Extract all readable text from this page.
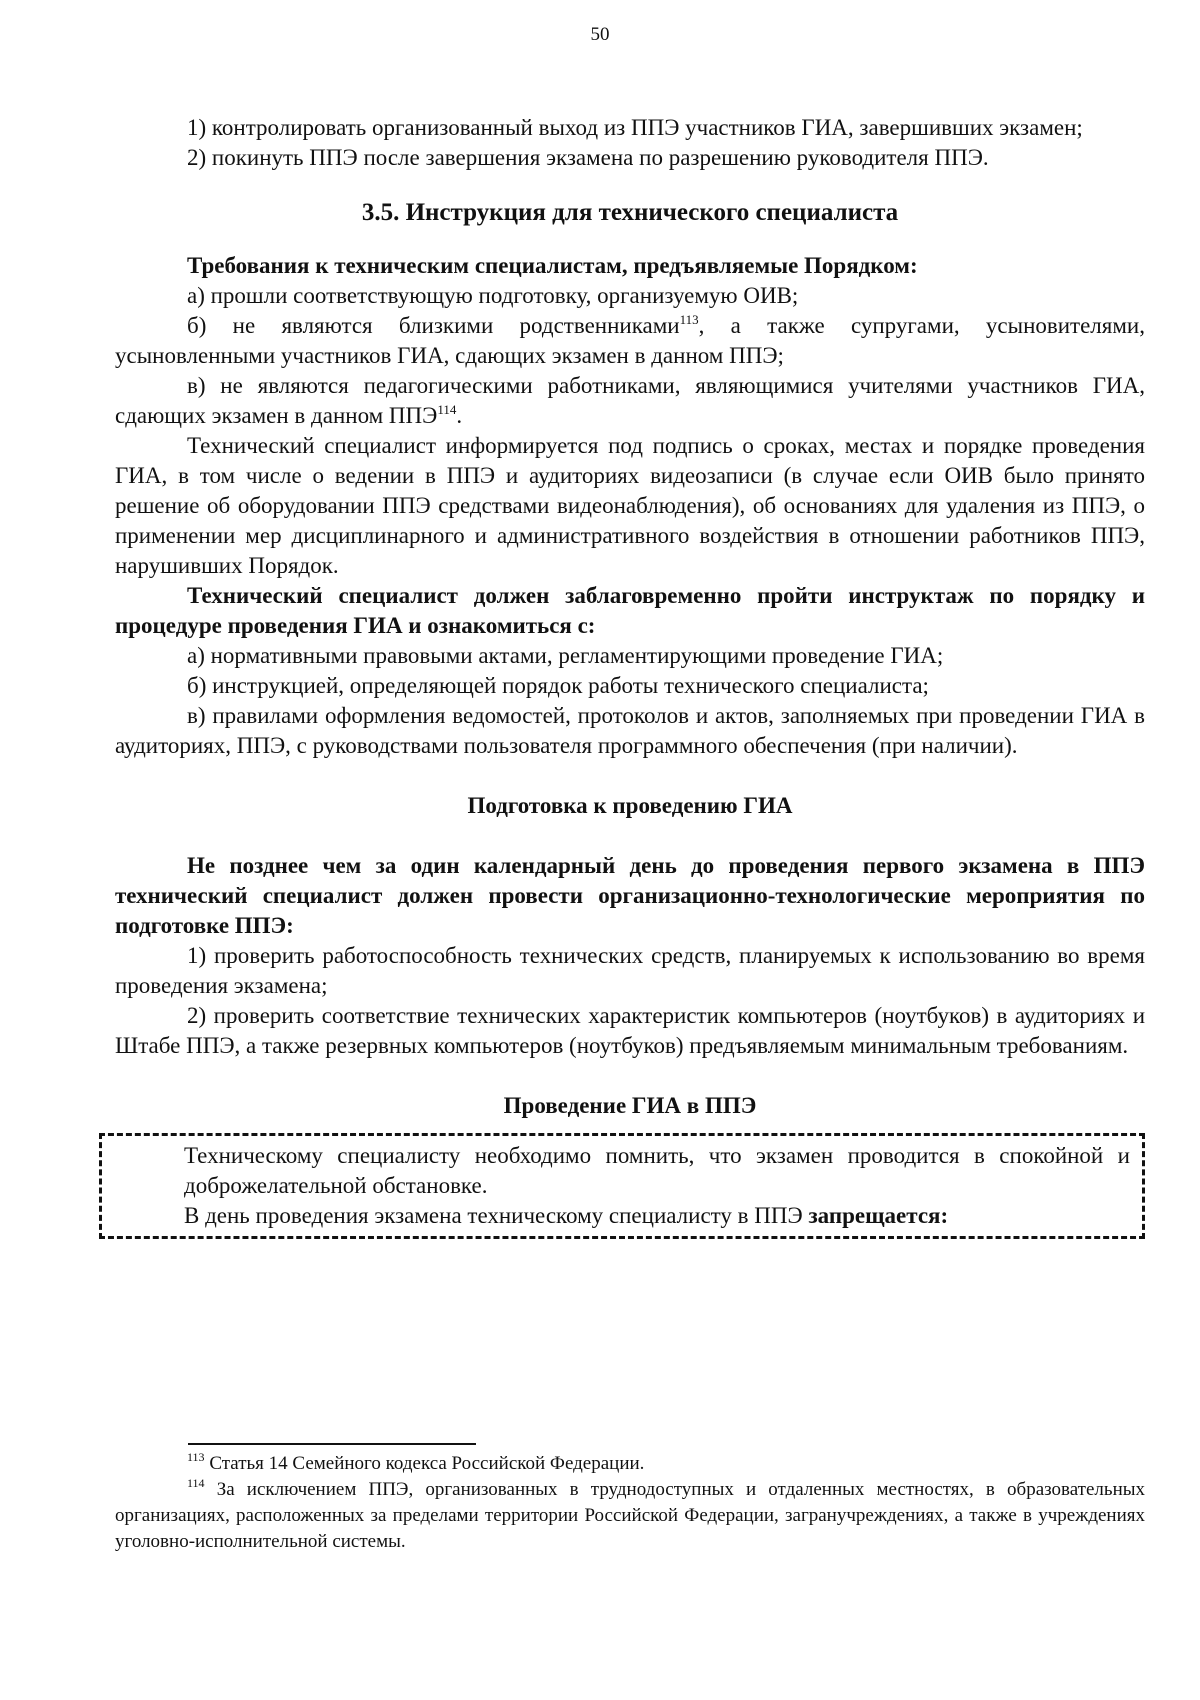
50

1) контролировать организованный выход из ППЭ участников ГИА, завершивших экзамен;

2) покинуть ППЭ после завершения экзамена по разрешению руководителя ППЭ.

3.5. Инструкция для технического специалиста

Требования к техническим специалистам, предъявляемые Порядком:

а) прошли соответствующую подготовку, организуемую ОИВ;

б) не являются близкими родственниками$^{113}$, а также супругами, усыновителями, усыновленными участников ГИА, сдающих экзамен в данном ППЭ;

в) не являются педагогическими работниками, являющимися учителями участников ГИА, сдающих экзамен в данном ППЭ$^{114}$.

Технический специалист информируется под подпись о сроках, местах и порядке проведения ГИА, в том числе о ведении в ППЭ и аудиториях видеозаписи (в случае если ОИВ было принято решение об оборудовании ППЭ средствами видеонаблюдения), об основаниях для удаления из ППЭ, о применении мер дисциплинарного и административного воздействия в отношении работников ППЭ, нарушивших Порядок.

Технический специалист должен заблаговременно пройти инструктаж по порядку и процедуре проведения ГИА и ознакомиться с:

а) нормативными правовыми актами, регламентирующими проведение ГИА;

б) инструкцией, определяющей порядок работы технического специалиста;

в) правилами оформления ведомостей, протоколов и актов, заполняемых при проведении ГИА в аудиториях, ППЭ, с руководствами пользователя программного обеспечения (при наличии).

Подготовка к проведению ГИА

Не позднее чем за один календарный день до проведения первого экзамена в ППЭ технический специалист должен провести организационно-технологические мероприятия по подготовке ППЭ:

1) проверить работоспособность технических средств, планируемых к использованию во время проведения экзамена;

2) проверить соответствие технических характеристик компьютеров (ноутбуков) в аудиториях и Штабе ППЭ, а также резервных компьютеров (ноутбуков) предъявляемым минимальным требованиям.

Проведение ГИА в ППЭ

Техническому специалисту необходимо помнить, что экзамен проводится в спокойной и доброжелательной обстановке.

В день проведения экзамена техническому специалисту в ППЭ запрещается:

$^{113}$ Статья 14 Семейного кодекса Российской Федерации.

$^{114}$ За исключением ППЭ, организованных в труднодоступных и отдаленных местностях, в образовательных организациях, расположенных за пределами территории Российской Федерации, загранучреждениях, а также в учреждениях уголовно-исполнительной системы.
